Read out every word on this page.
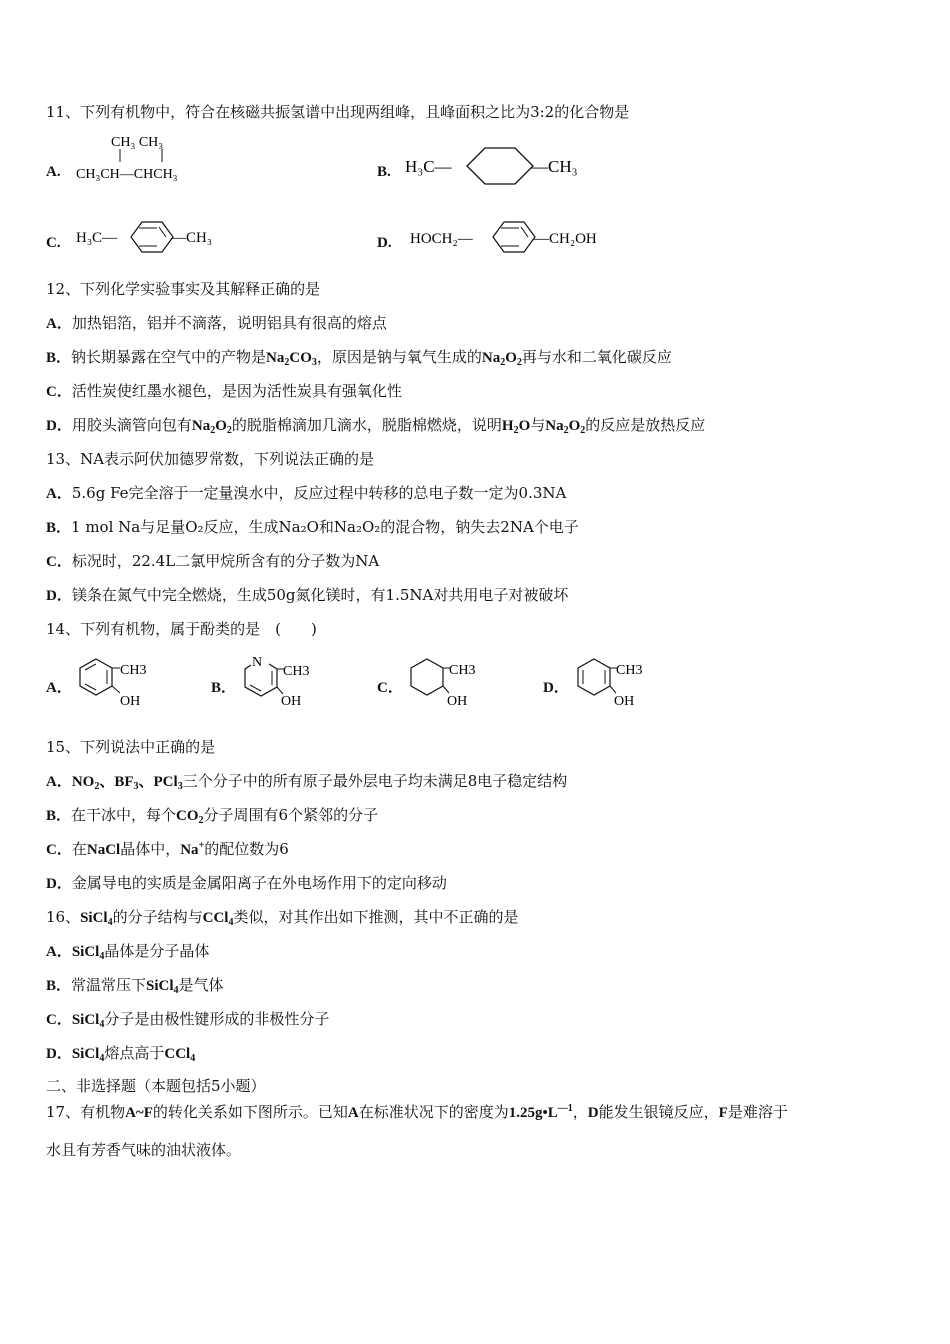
11、下列有机物中，符合在核磁共振氢谱中出现两组峰，且峰面积之比为3:2的化合物是
A.
CH₃ CH₃
CH₃CH—CHCH₃	B. H₃C—	—CH₃
C. H₃C—	—CH₃	D. HOCH₂—	—CH₂OH
12、下列化学实验事实及其解释正确的是
A．加热铝箔，铝并不滴落，说明铝具有很高的熔点
B．钠长期暴露在空气中的产物是$Na_2CO_3$，原因是钠与氧气生成的$Na_2O_2$再与水和二氧化碳反应
C．活性炭使红墨水褪色，是因为活性炭具有强氧化性
D．用胶头滴管向包有$Na_2O_2$的脱脂棉滴加几滴水，脱脂棉燃烧，说明$H_2O$与$Na_2O_2$的反应是放热反应
13、NA表示阿伏加德罗常数，下列说法正确的是
A．5.6g Fe完全溶于一定量溴水中，反应过程中转移的总电子数一定为0.3NA
B．1 mol Na与足量O₂反应，生成Na₂O和Na₂O₂的混合物，钠失去2NA个电子
C．标况时，22.4L二氯甲烷所含有的分子数为NA
D．镁条在氮气中完全燃烧，生成50g氮化镁时，有1.5NA对共用电子对被破坏
14、下列有机物，属于酚类的是　(　　)
A．
CH3
OH
B．
N
CH3
OH
C．
CH3
OH
D．
CH3
OH
15、下列说法中正确的是
A．$NO_2$、$BF_3$、PCl$_3$三个分子中的所有原子最外层电子均未满足8电子稳定结构
B．在干冰中，每个$CO_2$分子周围有6个紧邻的分子
C．在NaCl晶体中，Na+的配位数为6
D．金属导电的实质是金属阳离子在外电场作用下的定向移动
16、SiCl$_4$的分子结构与CCl$_4$类似，对其作出如下推测，其中不正确的是
A．SiCl$_4$晶体是分子晶体
B．常温常压下SiCl$_4$是气体
C．SiCl$_4$分子是由极性键形成的非极性分子
D．SiCl$_4$熔点高于CCl$_4$
二、非选择题（本题包括5小题）
17、有机物A~F的转化关系如下图所示。已知A在标准状况下的密度为$1.25g•L^{—1}$，D能发生银镜反应，F是难溶于
水且有芳香气味的油状液体。
